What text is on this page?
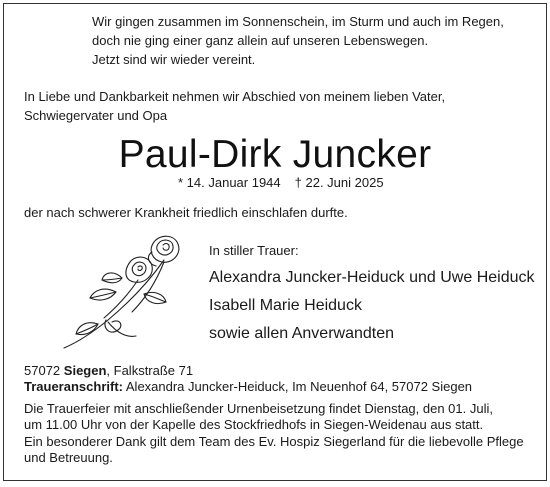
Wir gingen zusammen im Sonnenschein, im Sturm und auch im Regen,
doch nie ging einer ganz allein auf unseren Lebenswegen.
Jetzt sind wir wieder vereint.
In Liebe und Dankbarkeit nehmen wir Abschied von meinem lieben Vater,
Schwiegervater und Opa
Paul-Dirk Juncker
* 14. Januar 1944 † 22. Juni 2025
der nach schwerer Krankheit friedlich einschlafen durfte.
In stiller Trauer:
Alexandra Juncker-Heiduck und Uwe Heiduck
Isabell Marie Heiduck
sowie allen Anverwandten
57072 Siegen, Falkstraße 71
Traueranschrift: Alexandra Juncker-Heiduck, Im Neuenhof 64, 57072 Siegen
Die Trauerfeier mit anschließender Urnenbeisetzung findet Dienstag, den 01. Juli,
um 11.00 Uhr von der Kapelle des Stockfriedhofs in Siegen-Weidenau aus statt.
Ein besonderer Dank gilt dem Team des Ev. Hospiz Siegerland für die liebevolle Pflege
und Betreuung.
